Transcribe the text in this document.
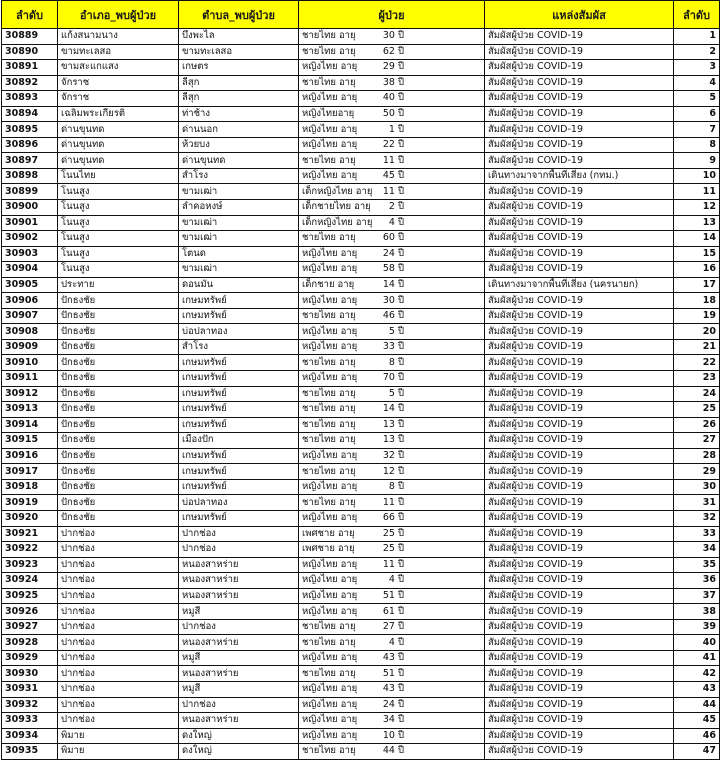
ลำดับ	อำเภอ_พบผู้ป่วย	ตำบล_พบผู้ป่วย	ผู้ป่วย	แหล่งสัมผัส	ลำดับ
30889	แก้งสนามนาง	บึงพะไล	ชายไทย อายุ 30 ปี	สัมผัสผู้ป่วย COVID-19	1
30890	ขามทะเลสอ	ขามทะเลสอ	ชายไทย อายุ 62 ปี	สัมผัสผู้ป่วย COVID-19	2
30891	ขามสะแกแสง	เกษตร	หญิงไทย อายุ 29 ปี	สัมผัสผู้ป่วย COVID-19	3
30892	จักราช	ลีสุก	ชายไทย อายุ 38 ปี	สัมผัสผู้ป่วย COVID-19	4
30893	จักราช	ลีสุก	หญิงไทย อายุ 40 ปี	สัมผัสผู้ป่วย COVID-19	5
30894	เฉลิมพระเกียรติ	ท่าช้าง	หญิงไทยอายุ 50 ปี	สัมผัสผู้ป่วย COVID-19	6
30895	ด่านขุนทด	ด่านนอก	หญิงไทย อายุ 1 ปี	สัมผัสผู้ป่วย COVID-19	7
30896	ด่านขุนทด	ห้วยบง	หญิงไทย อายุ 22 ปี	สัมผัสผู้ป่วย COVID-19	8
30897	ด่านขุนทด	ด่านขุนทด	ชายไทย อายุ 11 ปี	สัมผัสผู้ป่วย COVID-19	9
30898	โนนไทย	สำโรง	หญิงไทย อายุ 45 ปี	เดินทางมาจากพื้นที่เสี่ยง (กทม.)	10
30899	โนนสูง	ขามเฒ่า	เด็กหญิงไทย อายุ 11 ปี	สัมผัสผู้ป่วย COVID-19	11
30900	โนนสูง	ลำคอหงษ์	เด็กชายไทย อายุ 2 ปี	สัมผัสผู้ป่วย COVID-19	12
30901	โนนสูง	ขามเฒ่า	เด็กหญิงไทย อายุ 4 ปี	สัมผัสผู้ป่วย COVID-19	13
30902	โนนสูง	ขามเฒ่า	ชายไทย อายุ 60 ปี	สัมผัสผู้ป่วย COVID-19	14
30903	โนนสูง	โตนด	หญิงไทย อายุ 24 ปี	สัมผัสผู้ป่วย COVID-19	15
30904	โนนสูง	ขามเฒ่า	หญิงไทย อายุ 58 ปี	สัมผัสผู้ป่วย COVID-19	16
30905	ประทาย	ดอนมัน	เด็กชาย อายุ 14 ปี	เดินทางมาจากพื้นที่เสี่ยง (นครนายก)	17
30906	ปักธงชัย	เกษมทรัพย์	หญิงไทย อายุ 30 ปี	สัมผัสผู้ป่วย COVID-19	18
30907	ปักธงชัย	เกษมทรัพย์	ชายไทย อายุ 46 ปี	สัมผัสผู้ป่วย COVID-19	19
30908	ปักธงชัย	บ่อปลาทอง	หญิงไทย อายุ 5 ปี	สัมผัสผู้ป่วย COVID-19	20
30909	ปักธงชัย	สำโรง	หญิงไทย อายุ 33 ปี	สัมผัสผู้ป่วย COVID-19	21
30910	ปักธงชัย	เกษมทรัพย์	ชายไทย อายุ 8 ปี	สัมผัสผู้ป่วย COVID-19	22
30911	ปักธงชัย	เกษมทรัพย์	หญิงไทย อายุ 70 ปี	สัมผัสผู้ป่วย COVID-19	23
30912	ปักธงชัย	เกษมทรัพย์	ชายไทย อายุ 5 ปี	สัมผัสผู้ป่วย COVID-19	24
30913	ปักธงชัย	เกษมทรัพย์	ชายไทย อายุ 14 ปี	สัมผัสผู้ป่วย COVID-19	25
30914	ปักธงชัย	เกษมทรัพย์	ชายไทย อายุ 13 ปี	สัมผัสผู้ป่วย COVID-19	26
30915	ปักธงชัย	เมืองปัก	ชายไทย อายุ 13 ปี	สัมผัสผู้ป่วย COVID-19	27
30916	ปักธงชัย	เกษมทรัพย์	หญิงไทย อายุ 32 ปี	สัมผัสผู้ป่วย COVID-19	28
30917	ปักธงชัย	เกษมทรัพย์	ชายไทย อายุ 12 ปี	สัมผัสผู้ป่วย COVID-19	29
30918	ปักธงชัย	เกษมทรัพย์	หญิงไทย อายุ 8 ปี	สัมผัสผู้ป่วย COVID-19	30
30919	ปักธงชัย	บ่อปลาทอง	ชายไทย อายุ 11 ปี	สัมผัสผู้ป่วย COVID-19	31
30920	ปักธงชัย	เกษมทรัพย์	หญิงไทย อายุ 66 ปี	สัมผัสผู้ป่วย COVID-19	32
30921	ปากช่อง	ปากช่อง	เพศชาย อายุ 25 ปี	สัมผัสผู้ป่วย COVID-19	33
30922	ปากช่อง	ปากช่อง	เพศชาย อายุ 25 ปี	สัมผัสผู้ป่วย COVID-19	34
30923	ปากช่อง	หนองสาหร่าย	หญิงไทย อายุ 11 ปี	สัมผัสผู้ป่วย COVID-19	35
30924	ปากช่อง	หนองสาหร่าย	หญิงไทย อายุ 4 ปี	สัมผัสผู้ป่วย COVID-19	36
30925	ปากช่อง	หนองสาหร่าย	หญิงไทย อายุ 51 ปี	สัมผัสผู้ป่วย COVID-19	37
30926	ปากช่อง	หมูสี	หญิงไทย อายุ 61 ปี	สัมผัสผู้ป่วย COVID-19	38
30927	ปากช่อง	ปากช่อง	ชายไทย อายุ 27 ปี	สัมผัสผู้ป่วย COVID-19	39
30928	ปากช่อง	หนองสาหร่าย	ชายไทย อายุ 4 ปี	สัมผัสผู้ป่วย COVID-19	40
30929	ปากช่อง	หมูสี	หญิงไทย อายุ 43 ปี	สัมผัสผู้ป่วย COVID-19	41
30930	ปากช่อง	หนองสาหร่าย	ชายไทย อายุ 51 ปี	สัมผัสผู้ป่วย COVID-19	42
30931	ปากช่อง	หมูสี	หญิงไทย อายุ 43 ปี	สัมผัสผู้ป่วย COVID-19	43
30932	ปากช่อง	ปากช่อง	หญิงไทย อายุ 24 ปี	สัมผัสผู้ป่วย COVID-19	44
30933	ปากช่อง	หนองสาหร่าย	หญิงไทย อายุ 34 ปี	สัมผัสผู้ป่วย COVID-19	45
30934	พิมาย	ดงใหญ่	หญิงไทย อายุ 10 ปี	สัมผัสผู้ป่วย COVID-19	46
30935	พิมาย	ดงใหญ่	ชายไทย อายุ 44 ปี	สัมผัสผู้ป่วย COVID-19	47
